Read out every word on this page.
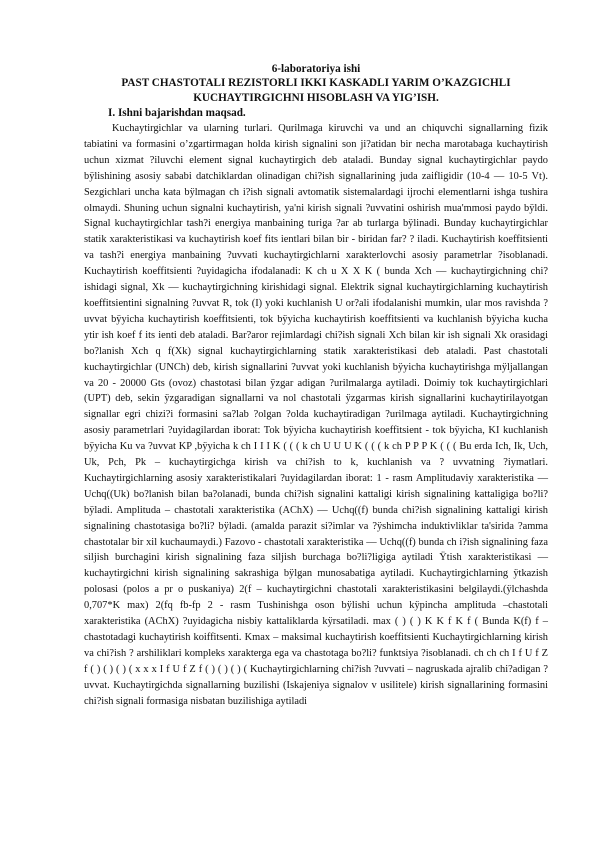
6-laboratoriya ishi

PAST CHASTOTALI REZISTORLI IKKI KASKADLI YARIM O’KAZGICHLI

KUCHAYTIRGICHNI HISOBLASH VA YIG’ISH.

I. Ishni bajarishdan maqsad.

Kuchaytirgichlar va ularning turlari. Qurilmaga kiruvchi va und an chiquvchi signallarning fizik tabiatini va formasini o’zgartirmagan holda kirish signalini son ji?atidan bir necha marotabaga kuchaytirish uchun xizmat ?iluvchi element signal kuchaytirgich deb ataladi. Bunday signal kuchaytirgichlar paydo bÿlishining asosiy sababi datchiklardan olinadigan chi?ish signallarining juda zaifligidir (10-4 — 10-5 Vt). Sezgichlari uncha kata bÿlmagan ch i?ish signali avtomatik sistemalardagi ijrochi elementlarni ishga tushira olmaydi. Shuning uchun signalni kuchaytirish, ya'ni kirish signali ?uvvatini oshirish mua'mmosi paydo bÿldi. Signal kuchaytirgichlar tash?i energiya manbaining turiga ?ar ab turlarga bÿlinadi. Bunday kuchaytirgichlar statik xarakteristikasi va kuchaytirish koef fits ientlari bilan bir - biridan far? ? iladi. Kuchaytirish koeffitsienti va tash?i energiya manbaining ?uvvati kuchaytirgichlarni xarakterlovchi asosiy parametrlar ?isoblanadi. Kuchaytirish koeffitsienti ?uyidagicha ifodalanadi: K ch u X X K ( bunda Xch — kuchaytirgichning chi?ishidagi signal, Xk — kuchaytirgichning kirishidagi signal. Elektrik signal kuchaytirgichlarning kuchaytirish koeffitsientini signalning ?uvvat R, tok (I) yoki kuchlanish U or?ali ifodalanishi mumkin, ular mos ravishda ?uvvat bÿyicha kuchaytirish koeffitsienti, tok bÿyicha kuchaytirish koeffitsienti va kuchlanish bÿyicha kucha ytir ish koef f its ienti deb ataladi. Bar?aror rejimlardagi chi?ish signali Xch bilan kir ish signali Xk orasidagi bo?lanish Xch q f(Xk) signal kuchaytirgichlarning statik xarakteristikasi deb ataladi. Past chastotali kuchaytirgichlar (UNCh) deb, kirish signallarini ?uvvat yoki kuchlanish bÿyicha kuchaytirishga mÿljallangan va 20 - 20000 Gts (ovoz) chastotasi bilan ÿzgar adigan ?urilmalarga aytiladi. Doimiy tok kuchaytirgichlari (UPT) deb, sekin ÿzgaradigan signallarni va nol chastotali ÿzgarmas kirish signallarini kuchaytirilayotgan signallar egri chizi?i formasini sa?lab ?olgan ?olda kuchaytiradigan ?urilmaga aytiladi. Kuchaytirgichning asosiy parametrlari ?uyidagilardan iborat: Tok bÿyicha kuchaytirish koeffitsient - tok bÿyicha, KI kuchlanish bÿyicha Ku va ?uvvat KP ,bÿyicha k ch I I I K ( ( ( k ch U U U K ( ( ( k ch P P P K ( ( ( Bu erda Ich, Ik, Uch, Uk, Pch, Pk – kuchaytirgichga kirish va chi?ish to k, kuchlanish va ? uvvatning ?iymatlari. Kuchaytirgichlarning asosiy xarakteristikalari ?uyidagilardan iborat: 1 - rasm Amplitudaviy xarakteristika — Uchq((Uk) bo?lanish bilan ba?olanadi, bunda chi?ish signalini kattaligi kirish signalining kattaligiga bo?li? bÿladi. Amplituda – chastotali xarakteristika (AChX) — Uchq((f) bunda chi?ish signalining kattaligi kirish signalining chastotasiga bo?li? bÿladi. (amalda parazit si?imlar va ?ÿshimcha induktivliklar ta'sirida ?amma chastotalar bir xil kuchaumaydi.) Fazovo - chastotali xarakteristika — Uchq((f) bunda ch i?ish signalining faza siljish burchagini kirish signalining faza siljish burchaga bo?li?ligiga aytiladi Ÿtish xarakteristikasi — kuchaytirgichni kirish signalining sakrashiga bÿlgan munosabatiga aytiladi. Kuchaytirgichlarning ÿtkazish polosasi (polos a pr o puskaniya) 2(f – kuchaytirgichni chastotali xarakteristikasini belgilaydi.(ÿlchashda 0,707*K max) 2(fq fb-fp 2 - rasm Tushinishga oson bÿlishi uchun kÿpincha amplituda –chastotali xarakteristika (AChX) ?uyidagicha nisbiy kattaliklarda kÿrsatiladi. max ( ) ( ) K K f K f ( Bunda K(f) f – chastotadagi kuchaytirish koiffitsenti. Kmax – maksimal kuchaytirish koeffitsienti Kuchaytirgichlarning kirish va chi?ish ? arshiliklari kompleks xarakterga ega va chastotaga bo?li? funktsiya ?isoblanadi. ch ch ch I f U f Z f ( ) ( ) ( ) ( x x x I f U f Z f ( ) ( ) ( ) ( Kuchaytirgichlarning chi?ish ?uvvati – nagruskada ajralib chi?adigan ?uvvat. Kuchaytirgichda signallarning buzilishi (Iskajeniya signalov v usilitele) kirish signallarining formasini chi?ish signali formasiga nisbatan buzilishiga aytiladi
